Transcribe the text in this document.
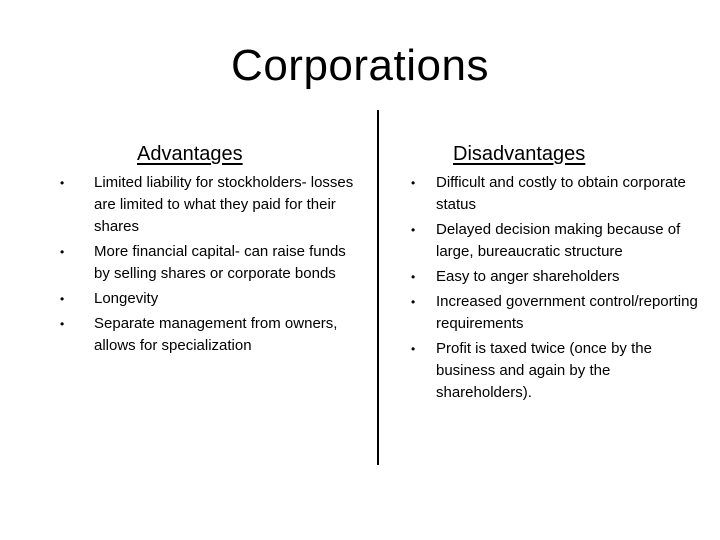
Corporations
Advantages
• Limited liability for stockholders- losses are limited to what they paid for their shares
• More financial capital- can raise funds by selling shares or corporate bonds
• Longevity
• Separate management from owners, allows for specialization
Disadvantages
• Difficult and costly to obtain corporate status
• Delayed decision making because of large, bureaucratic structure
• Easy to anger shareholders
• Increased government control/reporting requirements
• Profit is taxed twice (once by the business and again by the shareholders).
